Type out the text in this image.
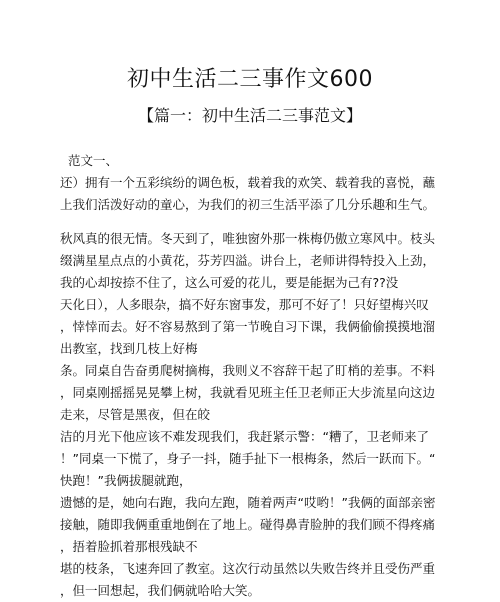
初中生活二三事作文600
【篇一：初中生活二三事范文】
范文一、
还）拥有一个五彩缤纷的调色板，载着我的欢笑、载着我的喜悦，蘸
上我们活泼好动的童心，为我们的初三生活平添了几分乐趣和生气。
秋风真的很无情。冬天到了，唯独窗外那一株梅仍傲立寒风中。枝头
缀满星星点点的小黄花，芬芳四溢。讲台上，老师讲得特投入上劲，
我的心却按捺不住了，这么可爱的花儿，要是能据为己有??没
天化日），人多眼杂，搞不好东窗事发，那可不好了！只好望梅兴叹
，悻悻而去。好不容易熬到了第一节晚自习下课，我俩偷偷摸摸地溜
出教室，找到几枝上好梅
条。同桌自告奋勇爬树摘梅，我则义不容辞干起了盯梢的差事。不料
，同桌刚摇摇晃晃攀上树，我就看见班主任卫老师正大步流星向这边
走来，尽管是黑夜，但在皎
洁的月光下他应该不难发现我们，我赶紧示警：“糟了，卫老师来了
！”同桌一下慌了，身子一抖，随手扯下一根梅条，然后一跃而下。“
快跑！”我俩拔腿就跑，
遗憾的是，她向右跑，我向左跑，随着两声“哎哟！”我俩的面部亲密
接触，随即我俩重重地倒在了地上。碰得鼻青脸肿的我们顾不得疼痛
，捂着脸抓着那根残缺不
堪的枝条，飞速奔回了教室。这次行动虽然以失败告终并且受伤严重
，但一回想起，我们俩就哈哈大笑。
